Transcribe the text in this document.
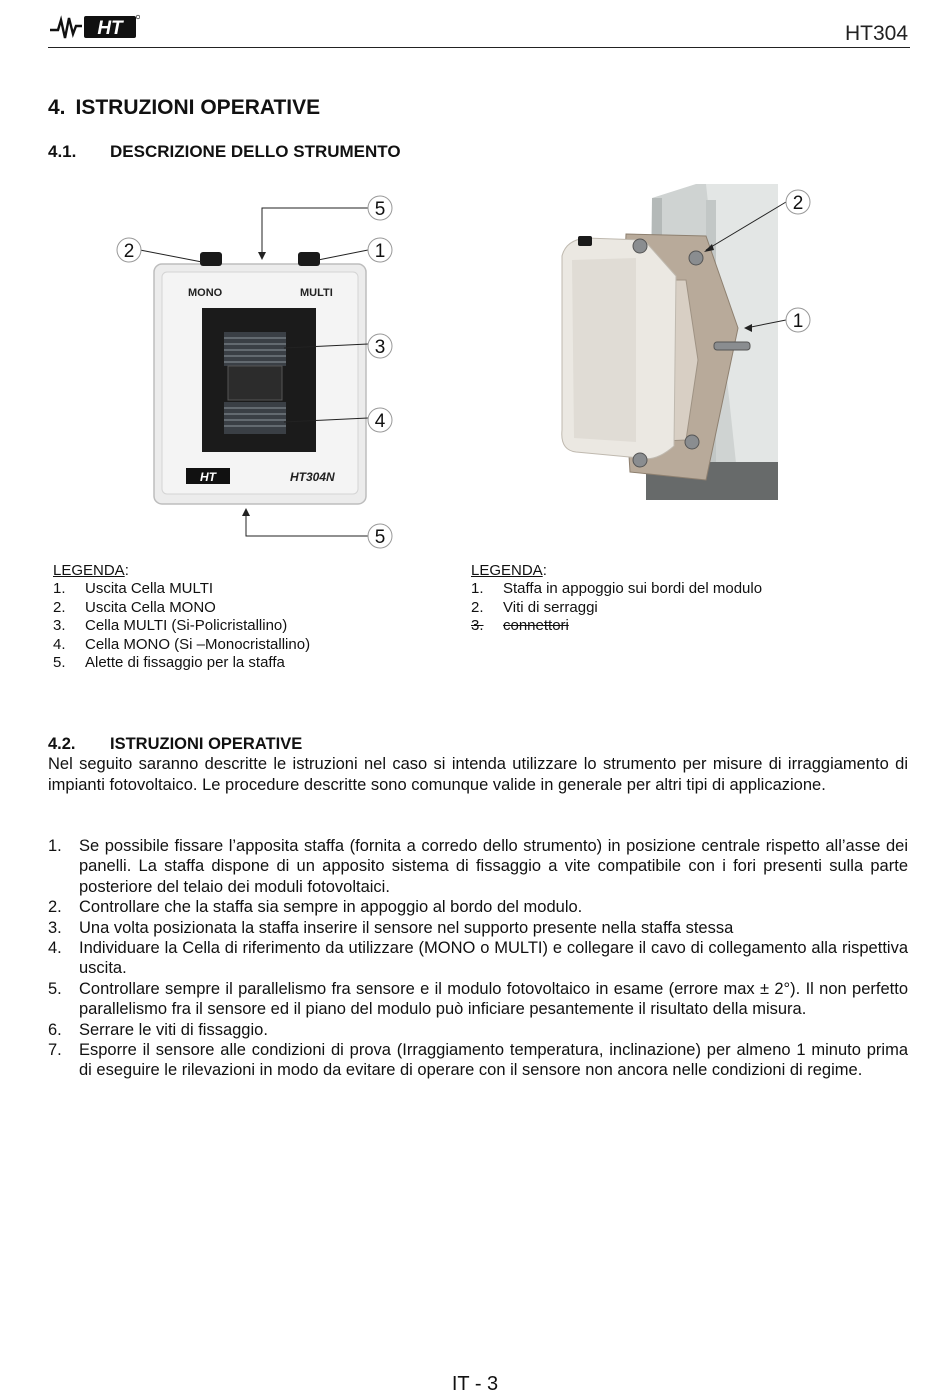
HT	HT304
4. ISTRUZIONI OPERATIVE
4.1. DESCRIZIONE DELLO STRUMENTO
MONO	MULTI
HT	HT304N
5
2	1
3
4
5
2
1
LEGENDA:
1.	Uscita Cella MULTI
2.	Uscita Cella MONO
3.	Cella MULTI (Si-Policristallino)
4.	Cella MONO (Si –Monocristallino)
5.	Alette di fissaggio per la staffa
LEGENDA:
1.	Staffa in appoggio sui bordi del modulo
2.	Viti di serraggi
3.	connettori
4.2. ISTRUZIONI OPERATIVE
Nel seguito saranno descritte le istruzioni nel caso si intenda utilizzare lo strumento per misure di irraggiamento di impianti fotovoltaico. Le procedure descritte sono comunque valide in generale per altri tipi di applicazione.
1.	Se possibile fissare l’apposita staffa (fornita a corredo dello strumento) in posizione centrale rispetto all’asse dei panelli. La staffa dispone di un apposito sistema di fissaggio a vite compatibile con i fori presenti sulla parte posteriore del telaio dei moduli fotovoltaici.
2.	Controllare che la staffa sia sempre in appoggio al bordo del modulo.
3.	Una volta posizionata la staffa inserire il sensore nel supporto presente nella staffa stessa
4.	Individuare la Cella di riferimento da utilizzare (MONO o MULTI) e collegare il cavo di collegamento alla rispettiva uscita.
5.	Controllare sempre il parallelismo fra sensore e il modulo fotovoltaico in esame (errore max ± 2°). Il non perfetto parallelismo fra il sensore ed il piano del modulo può inficiare pesantemente il risultato della misura.
6.	Serrare le viti di fissaggio.
7.	Esporre il sensore alle condizioni di prova (Irraggiamento temperatura, inclinazione) per almeno 1 minuto prima di eseguire le rilevazioni in modo da evitare di operare con il sensore non ancora nelle condizioni di regime.
IT - 3
